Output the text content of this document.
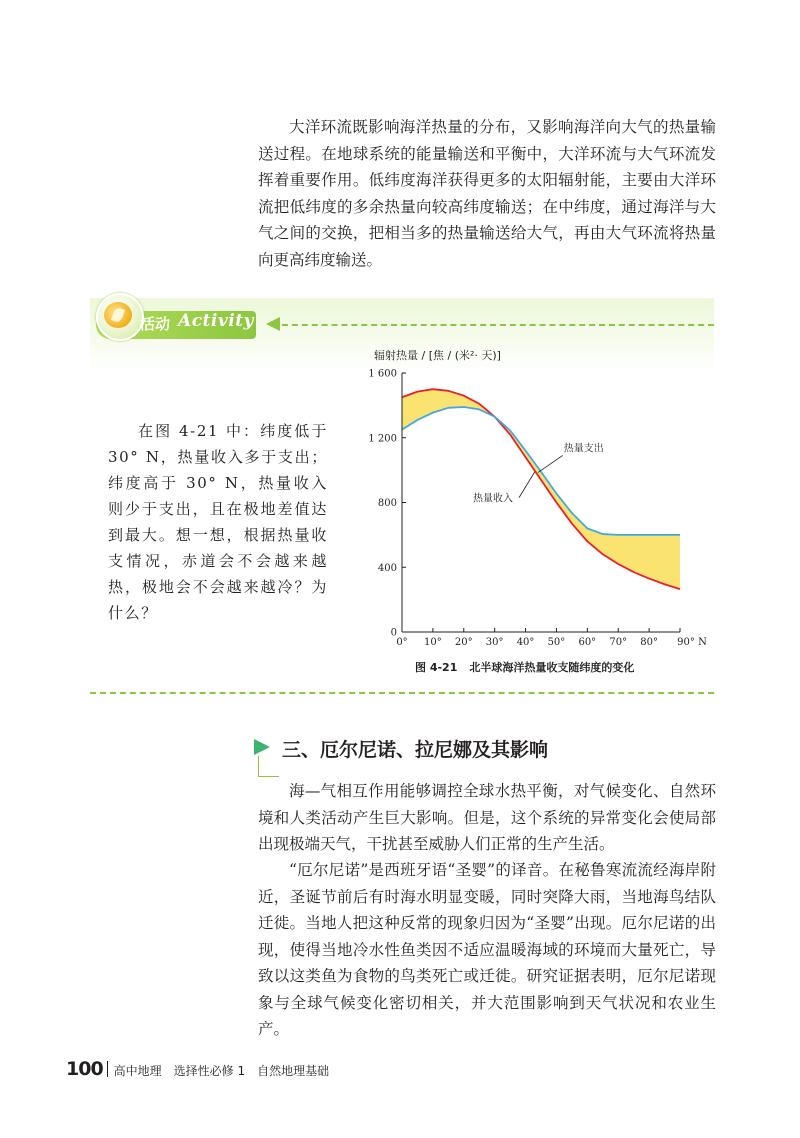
大洋环流既影响海洋热量的分布，又影响海洋向大气的热量输送过程。在地球系统的能量输送和平衡中，大洋环流与大气环流发挥着重要作用。低纬度海洋获得更多的太阳辐射能，主要由大洋环流把低纬度的多余热量向较高纬度输送；在中纬度，通过海洋与大气之间的交换，把相当多的热量输送给大气，再由大气环流将热量向更高纬度输送。

活动 Activity

在图 4-21 中：纬度低于 30° N，热量收入多于支出；纬度高于 30° N，热量收入则少于支出，且在极地差值达到最大。想一想，根据热量收支情况，赤道会不会越来越热，极地会不会越来越冷？为什么？

0
400
800
1 200
1 600
0° 10° 20° 30° 40° 50° 60° 70° 80° 90° N
辐射热量 / [焦 / (米²· 天)]
热量支出
热量收入
图 4-21 北半球海洋热量收支随纬度的变化
三、厄尔尼诺、拉尼娜及其影响

海—气相互作用能够调控全球水热平衡，对气候变化、自然环境和人类活动产生巨大影响。但是，这个系统的异常变化会使局部出现极端天气，干扰甚至威胁人们正常的生产生活。

“厄尔尼诺”是西班牙语“圣婴”的译音。在秘鲁寒流流经海岸附近，圣诞节前后有时海水明显变暖，同时突降大雨，当地海鸟结队迁徙。当地人把这种反常的现象归因为“圣婴”出现。厄尔尼诺的出现，使得当地冷水性鱼类因不适应温暖海域的环境而大量死亡，导致以这类鱼为食物的鸟类死亡或迁徙。研究证据表明，厄尔尼诺现象与全球气候变化密切相关，并大范围影响到天气状况和农业生产。

100 高中地理　选择性必修 1　自然地理基础
